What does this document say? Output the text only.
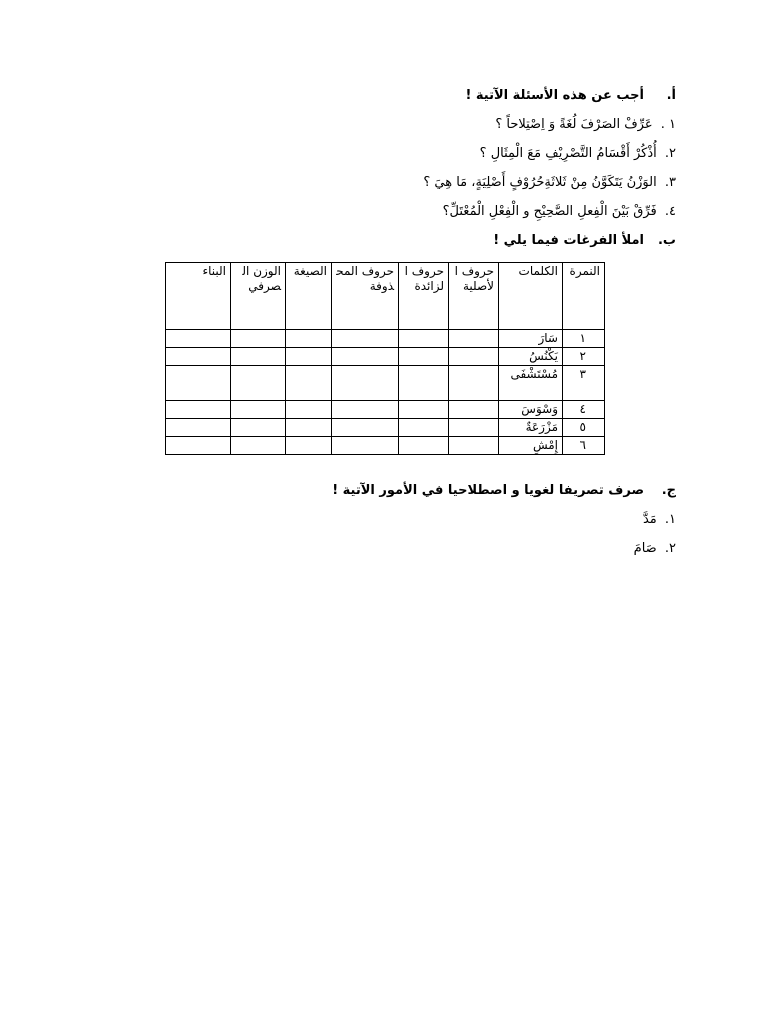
أ.أجب عن هذه الأسئلة الآتية !
١ . عَرِّفْ الصَرْفَ لُغَةً وَ اِصْتِلاحاً ؟
٢. أُذْكُرْ أَقْسَامُ التَّصْرِيْفِ مَعَ الْمِثَالِ ؟
٣. الوَزْنُ يَتَكَوَّنُ مِنْ ثَلاثَةِحُرُوْفٍ أَصْلِيَةٍ، مَا هِيَ ؟
٤. فَرِّقْ بَيْنَ الْفِعلِ الصَّحِيْحِ و الْفِعْلِ الْمُعْتَلِّ؟
ب.املأ الفرغات فيما يلي !
النمرة	الكلمات	حروف الأصلية	حروف الزائدة	حروف المحذوفة	الصيغة	الوزن الصرفي	البناء
١	سَارَ						
٢	يَكْنُسُ						
٣	مُسْتَشْفَى						
٤	وَسْوَسَ						
٥	مَزْرَعَةٌ						
٦	إِمْشِ						
ج.صرف تصريفا لغويا و اصطلاحيا في الأمور الآتية !
١. مَدَّ
٢. صَامَ
